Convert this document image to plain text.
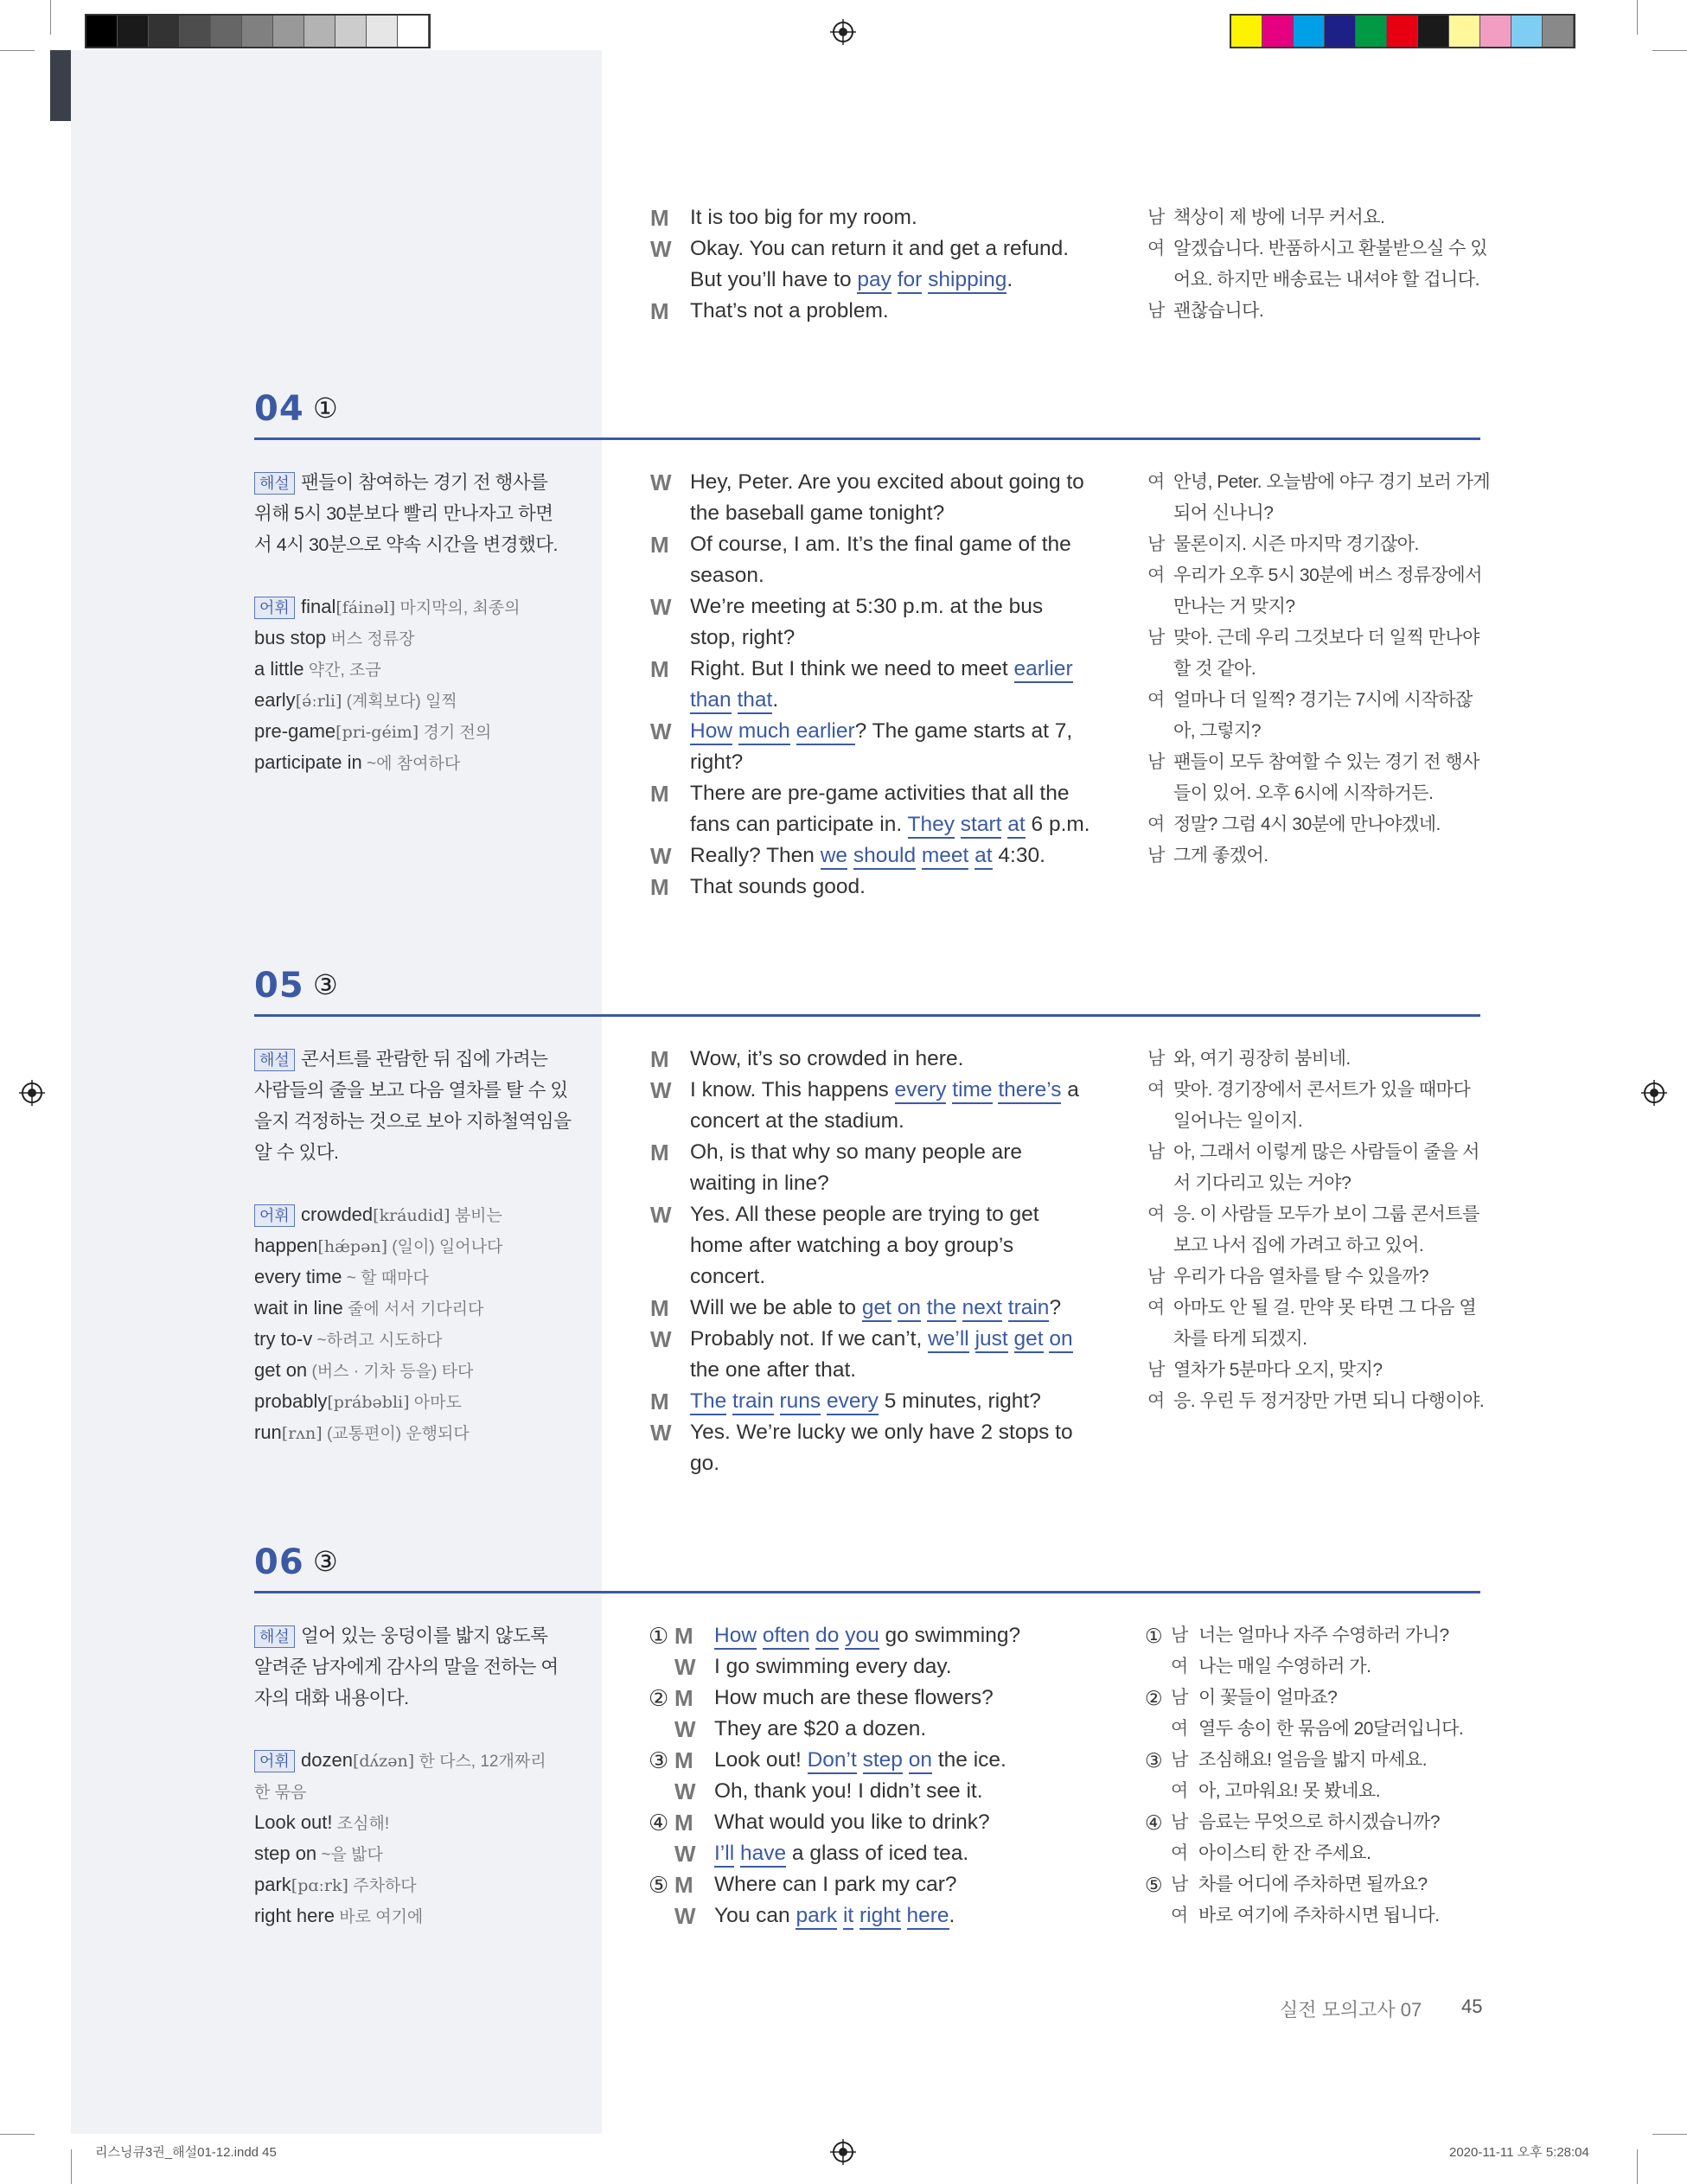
M It is too big for my room.
W Okay. You can return it and get a refund.
But you’ll have to pay for shipping.
M That’s not a problem.
남 책상이 제 방에 너무 커서요.
여 알겠습니다. 반품하시고 환불받으실 수 있
어요. 하지만 배송료는 내셔야 할 겁니다.
남 괜찮습니다.
04 ①
해설 팬들이 참여하는 경기 전 행사를
위해 5시 30분보다 빨리 만나자고 하면
서 4시 30분으로 약속 시간을 변경했다.
어휘 final[fáinəl] 마지막의, 최종의
bus stop 버스 정류장
a little 약간, 조금
early[ə́ːrli] (계획보다) 일찍
pre-game[pri-géim] 경기 전의
participate in ~에 참여하다
W Hey, Peter. Are you excited about going to
the baseball game tonight?
M Of course, I am. It’s the final game of the
season.
W We’re meeting at 5:30 p.m. at the bus
stop, right?
M Right. But I think we need to meet earlier
than that.
W How much earlier? The game starts at 7,
right?
M There are pre-game activities that all the
fans can participate in. They start at 6 p.m.
W Really? Then we should meet at 4:30.
M That sounds good.
여 안녕, Peter. 오늘밤에 야구 경기 보러 가게
되어 신나니?
남 물론이지. 시즌 마지막 경기잖아.
여 우리가 오후 5시 30분에 버스 정류장에서
만나는 거 맞지?
남 맞아. 근데 우리 그것보다 더 일찍 만나야
할 것 같아.
여 얼마나 더 일찍? 경기는 7시에 시작하잖
아, 그렇지?
남 팬들이 모두 참여할 수 있는 경기 전 행사
들이 있어. 오후 6시에 시작하거든.
여 정말? 그럼 4시 30분에 만나야겠네.
남 그게 좋겠어.
05 ③
해설 콘서트를 관람한 뒤 집에 가려는
사람들의 줄을 보고 다음 열차를 탈 수 있
을지 걱정하는 것으로 보아 지하철역임을
알 수 있다.
어휘 crowded[kráudid] 붐비는
happen[hǽpən] (일이) 일어나다
every time ~ 할 때마다
wait in line 줄에 서서 기다리다
try to-v ~하려고 시도하다
get on (버스 · 기차 등을) 타다
probably[prábəbli] 아마도
run[rʌn] (교통편이) 운행되다
M Wow, it’s so crowded in here.
W I know. This happens every time there’s a
concert at the stadium.
M Oh, is that why so many people are
waiting in line?
W Yes. All these people are trying to get
home after watching a boy group’s
concert.
M Will we be able to get on the next train?
W Probably not. If we can’t, we’ll just get on
the one after that.
M The train runs every 5 minutes, right?
W Yes. We’re lucky we only have 2 stops to
go.
남 와, 여기 굉장히 붐비네.
여 맞아. 경기장에서 콘서트가 있을 때마다
일어나는 일이지.
남 아, 그래서 이렇게 많은 사람들이 줄을 서
서 기다리고 있는 거야?
여 응. 이 사람들 모두가 보이 그룹 콘서트를
보고 나서 집에 가려고 하고 있어.
남 우리가 다음 열차를 탈 수 있을까?
여 아마도 안 될 걸. 만약 못 타면 그 다음 열
차를 타게 되겠지.
남 열차가 5분마다 오지, 맞지?
여 응. 우린 두 정거장만 가면 되니 다행이야.
06 ③
해설 얼어 있는 웅덩이를 밟지 않도록
알려준 남자에게 감사의 말을 전하는 여
자의 대화 내용이다.
어휘 dozen[dʌ́zən] 한 다스, 12개짜리
한 묶음
Look out! 조심해!
step on ~을 밟다
park[pɑːrk] 주차하다
right here 바로 여기에
① M How often do you go swimming?
W I go swimming every day.
② M How much are these flowers?
W They are $20 a dozen.
③ M Look out! Don’t step on the ice.
W Oh, thank you! I didn’t see it.
④ M What would you like to drink?
W I’ll have a glass of iced tea.
⑤ M Where can I park my car?
W You can park it right here.
① 남 너는 얼마나 자주 수영하러 가니?
여 나는 매일 수영하러 가.
② 남 이 꽃들이 얼마죠?
여 열두 송이 한 묶음에 20달러입니다.
③ 남 조심해요! 얼음을 밟지 마세요.
여 아, 고마워요! 못 봤네요.
④ 남 음료는 무엇으로 하시겠습니까?
여 아이스티 한 잔 주세요.
⑤ 남 차를 어디에 주차하면 될까요?
여 바로 여기에 주차하시면 됩니다.
실전 모의고사 07 45
리스닝큐3권_해설01-12.indd 45	2020-11-11 오후 5:28:04
